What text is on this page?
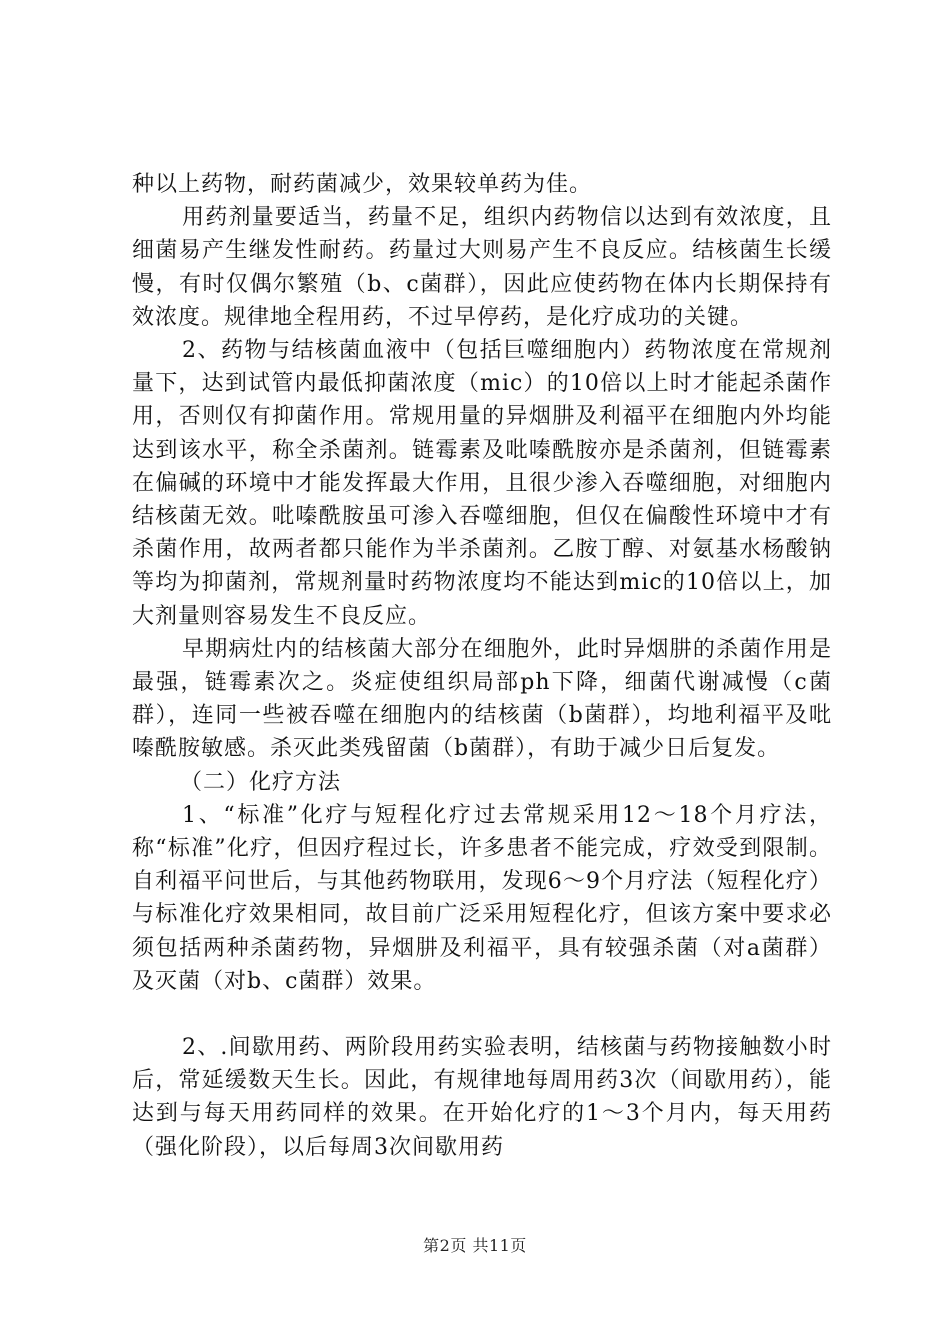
种以上药物，耐药菌减少，效果较单药为佳。

用药剂量要适当，药量不足，组织内药物信以达到有效浓度，且细菌易产生继发性耐药。药量过大则易产生不良反应。结核菌生长缓慢，有时仅偶尔繁殖（b、c菌群），因此应使药物在体内长期保持有效浓度。规律地全程用药，不过早停药，是化疗成功的关键。

2、药物与结核菌血液中（包括巨噬细胞内）药物浓度在常规剂量下，达到试管内最低抑菌浓度（mic）的10倍以上时才能起杀菌作用，否则仅有抑菌作用。常规用量的异烟肼及利福平在细胞内外均能达到该水平，称全杀菌剂。链霉素及吡嗪酰胺亦是杀菌剂，但链霉素在偏碱的环境中才能发挥最大作用，且很少渗入吞噬细胞，对细胞内结核菌无效。吡嗪酰胺虽可渗入吞噬细胞，但仅在偏酸性环境中才有杀菌作用，故两者都只能作为半杀菌剂。乙胺丁醇、对氨基水杨酸钠等均为抑菌剂，常规剂量时药物浓度均不能达到mic的10倍以上，加大剂量则容易发生不良反应。

早期病灶内的结核菌大部分在细胞外，此时异烟肼的杀菌作用是最强，链霉素次之。炎症使组织局部ph下降，细菌代谢减慢（c菌群），连同一些被吞噬在细胞内的结核菌（b菌群），均地利福平及吡嗪酰胺敏感。杀灭此类残留菌（b菌群），有助于减少日后复发。

（二）化疗方法

1、“标准”化疗与短程化疗过去常规采用12～18个月疗法，称“标准”化疗，但因疗程过长，许多患者不能完成，疗效受到限制。自利福平问世后，与其他药物联用，发现6～9个月疗法（短程化疗）与标准化疗效果相同，故目前广泛采用短程化疗，但该方案中要求必须包括两种杀菌药物，异烟肼及利福平，具有较强杀菌（对a菌群）及灭菌（对b、c菌群）效果。

2、.间歇用药、两阶段用药实验表明，结核菌与药物接触数小时后，常延缓数天生长。因此，有规律地每周用药3次（间歇用药），能达到与每天用药同样的效果。在开始化疗的1～3个月内，每天用药（强化阶段），以后每周3次间歇用药

第2页 共11页
